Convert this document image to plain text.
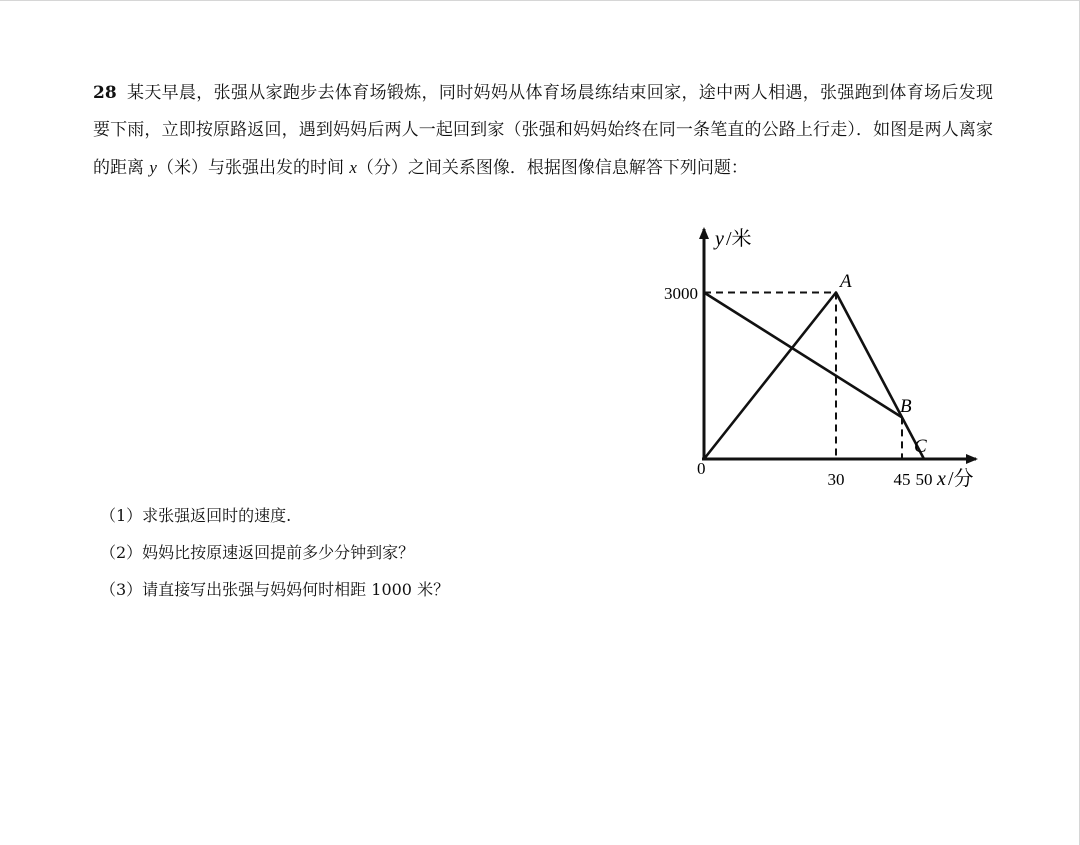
28 某天早晨，张强从家跑步去体育场锻炼，同时妈妈从体育场晨练结束回家，途中两人相遇，张强跑到体育场后发现要下雨，立即按原路返回，遇到妈妈后两人一起回到家（张强和妈妈始终在同一条笔直的公路上行走）．如图是两人离家的距离 y（米）与张强出发的时间 x（分）之间关系图像．根据图像信息解答下列问题：
y /米
3000
0
30	45 50 x /分
A
B
C
（1）求张强返回时的速度.
（2）妈妈比按原速返回提前多少分钟到家？
（3）请直接写出张强与妈妈何时相距 1000 米？
